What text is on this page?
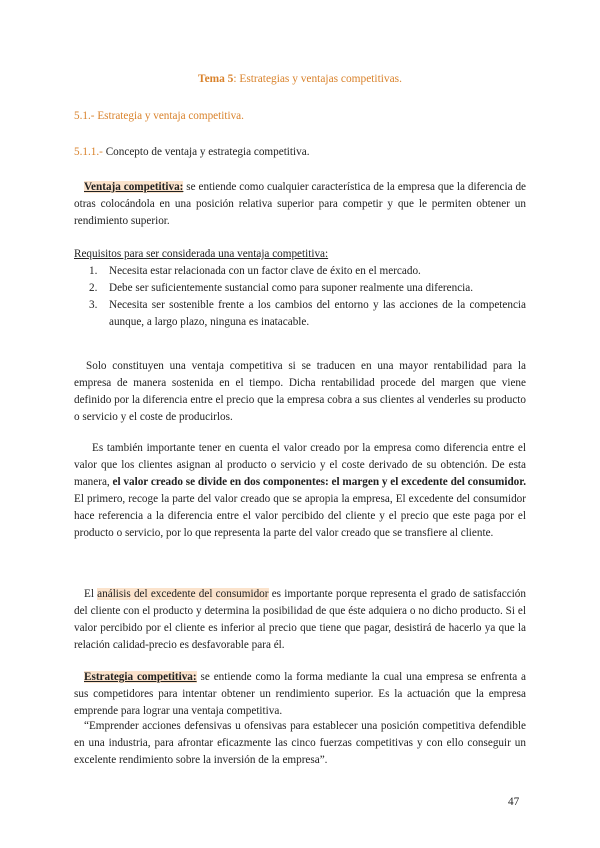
Tema 5: Estrategias y ventajas competitivas.
5.1.- Estrategia y ventaja competitiva.
5.1.1.- Concepto de ventaja y estrategia competitiva.
Ventaja competitiva: se entiende como cualquier característica de la empresa que la diferencia de otras colocándola en una posición relativa superior para competir y que le permiten obtener un rendimiento superior.
Requisitos para ser considerada una ventaja competitiva:
1. Necesita estar relacionada con un factor clave de éxito en el mercado.
2. Debe ser suficientemente sustancial como para suponer realmente una diferencia.
3. Necesita ser sostenible frente a los cambios del entorno y las acciones de la competencia aunque, a largo plazo, ninguna es inatacable.
Solo constituyen una ventaja competitiva si se traducen en una mayor rentabilidad para la empresa de manera sostenida en el tiempo. Dicha rentabilidad procede del margen que viene definido por la diferencia entre el precio que la empresa cobra a sus clientes al venderles su producto o servicio y el coste de producirlos.
Es también importante tener en cuenta el valor creado por la empresa como diferencia entre el valor que los clientes asignan al producto o servicio y el coste derivado de su obtención. De esta manera, el valor creado se divide en dos componentes: el margen y el excedente del consumidor. El primero, recoge la parte del valor creado que se apropia la empresa, El excedente del consumidor hace referencia a la diferencia entre el valor percibido del cliente y el precio que este paga por el producto o servicio, por lo que representa la parte del valor creado que se transfiere al cliente.
El análisis del excedente del consumidor es importante porque representa el grado de satisfacción del cliente con el producto y determina la posibilidad de que éste adquiera o no dicho producto. Si el valor percibido por el cliente es inferior al precio que tiene que pagar, desistirá de hacerlo ya que la relación calidad-precio es desfavorable para él.
Estrategia competitiva: se entiende como la forma mediante la cual una empresa se enfrenta a sus competidores para intentar obtener un rendimiento superior. Es la actuación que la empresa emprende para lograr una ventaja competitiva.
“Emprender acciones defensivas u ofensivas para establecer una posición competitiva defendible en una industria, para afrontar eficazmente las cinco fuerzas competitivas y con ello conseguir un excelente rendimiento sobre la inversión de la empresa”.
47
